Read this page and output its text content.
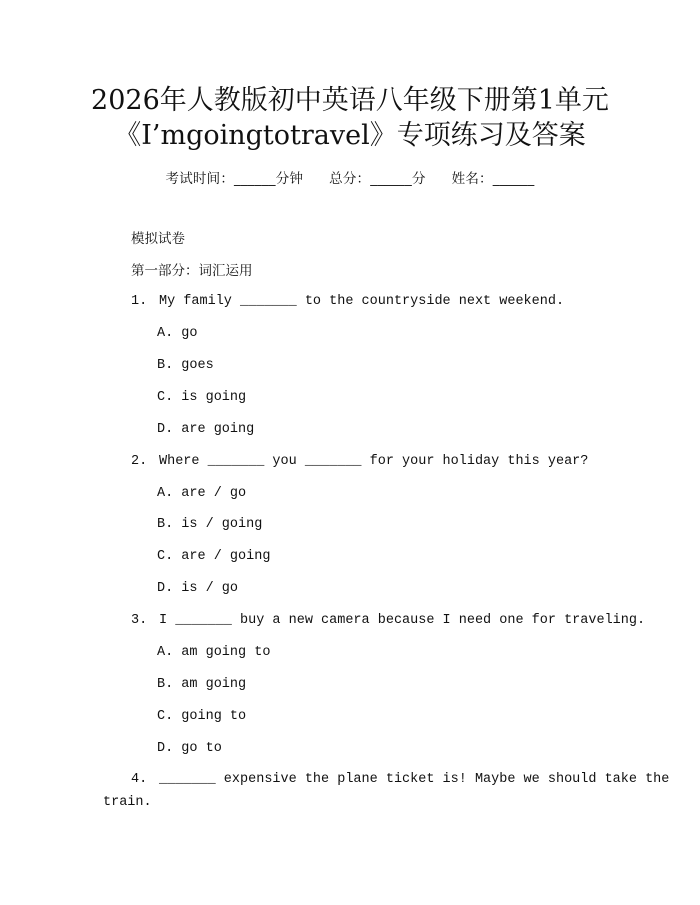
2026年人教版初中英语八年级下册第1单元
《I’mgoingtotravel》专项练习及答案
考试时间：______分钟 总分：______分 姓名：______
模拟试卷
第一部分：词汇运用
1. My family _______ to the countryside next weekend.
A. go
B. goes
C. is going
D. are going
2. Where _______ you _______ for your holiday this year?
A. are / go
B. is / going
C. are / going
D. is / go
3. I _______ buy a new camera because I need one for traveling.
A. am going to
B. am going
C. going to
D. go to
4. _______ expensive the plane ticket is! Maybe we should take the
train.
